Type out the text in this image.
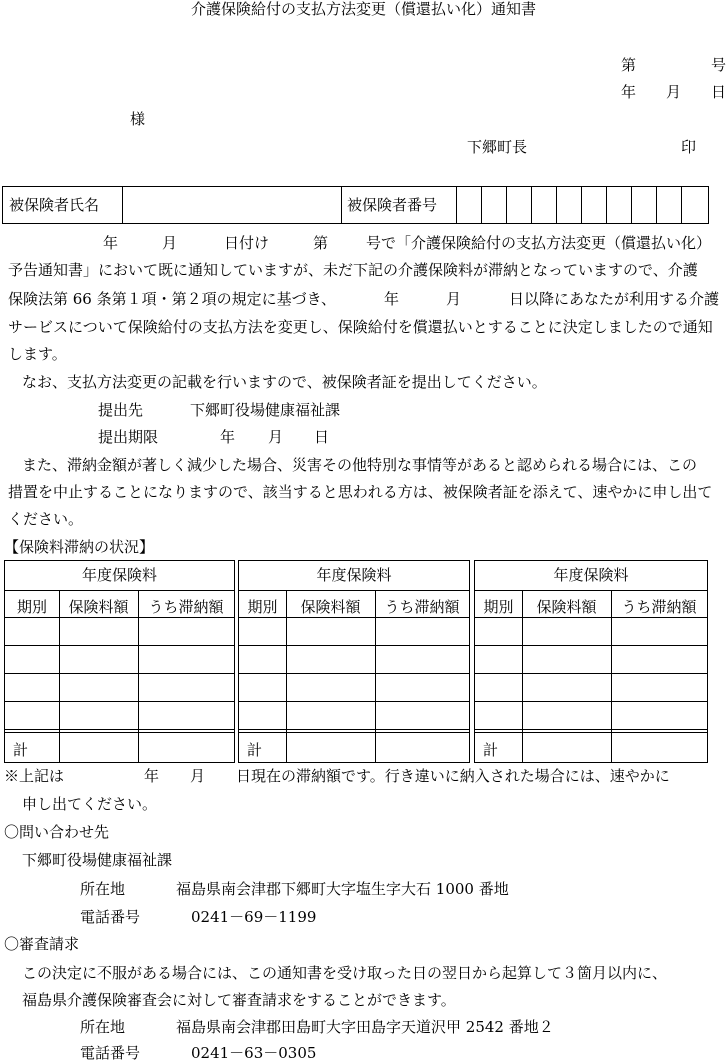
介護保険給付の支払方法変更（償還払い化）通知書
第	号
年 月 日
様
下郷町長	印
被保険者氏名	被保険者番号
年	月	日付け	第	号で「介護保険給付の支払方法変更（償還払い化）
予告通知書」において既に通知していますが、未だ下記の介護保険料が滞納となっていますので、介護
保険法第 66 条第１項・第２項の規定に基づき、	年	月	日以降にあなたが利用する介護
サービスについて保険給付の支払方法を変更し、保険給付を償還払いとすることに決定しましたので通知
します。
なお、支払方法変更の記載を行いますので、被保険者証を提出してください。
提出先	下郷町役場健康福祉課
提出期限	年 月 日
また、滞納金額が著しく減少した場合、災害その他特別な事情等があると認められる場合には、この
措置を中止することになりますので、該当すると思われる方は、被保険者証を添えて、速やかに申し出て
ください。
【保険料滞納の状況】
年度保険料
期別	保険料額	うち滞納額
計
年度保険料
期別	保険料額	うち滞納額
計
年度保険料
期別	保険料額	うち滞納額
計
※上記は	年 月 日現在の滞納額です。行き違いに納入された場合には、速やかに
申し出てください。
〇問い合わせ先
下郷町役場健康福祉課
所在地	福島県南会津郡下郷町大字塩生字大石 1000 番地
電話番号	0241－69－1199
〇審査請求
この決定に不服がある場合には、この通知書を受け取った日の翌日から起算して３箇月以内に、
福島県介護保険審査会に対して審査請求をすることができます。
所在地	福島県南会津郡田島町大字田島字天道沢甲 2542 番地２
電話番号	0241－63－0305
